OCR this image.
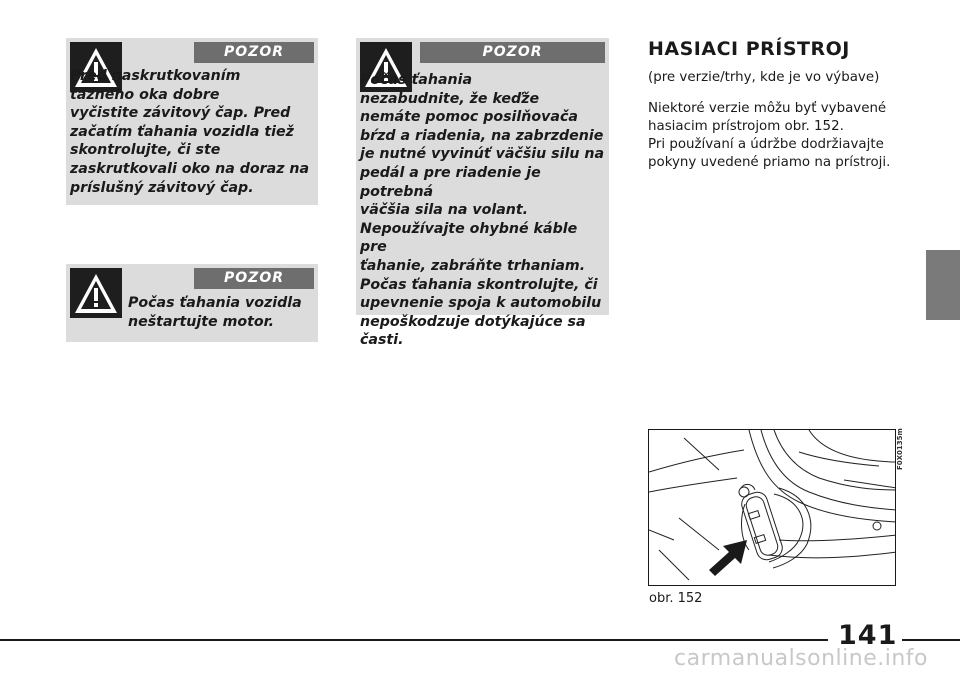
POZOR

Pred naskrutkovaním
ťažného oka dobre
vyčistite závitový čap. Pred
začatím ťahania vozidla tiež
skontrolujte, či ste
zaskrutkovali oko na doraz na
príslušný závitový čap.

POZOR

Počas ťahania vozidla
neštartujte motor.

POZOR

Počas ťahania
nezabudnite, že keďže
nemáte pomoc posilňovača
bŕzd a riadenia, na zabrzdenie
je nutné vyvinúť väčšiu silu na
pedál a pre riadenie je potrebná
väčšia sila na volant.
Nepoužívajte ohybné káble pre
ťahanie, zabráňte trhaniam.
Počas ťahania skontrolujte, či
upevnenie spoja k automobilu
nepoškodzuje dotýkajúce sa
časti.

HASIACI PRÍSTROJ

(pre verzie/trhy, kde je vo výbave)

Niektoré verzie môžu byť vybavené
hasiacim prístrojom obr. 152.
Pri používaní a údržbe dodržiavajte
pokyny uvedené priamo na prístroji.

F0X0135m

obr. 152

141

carmanualsonline.info
